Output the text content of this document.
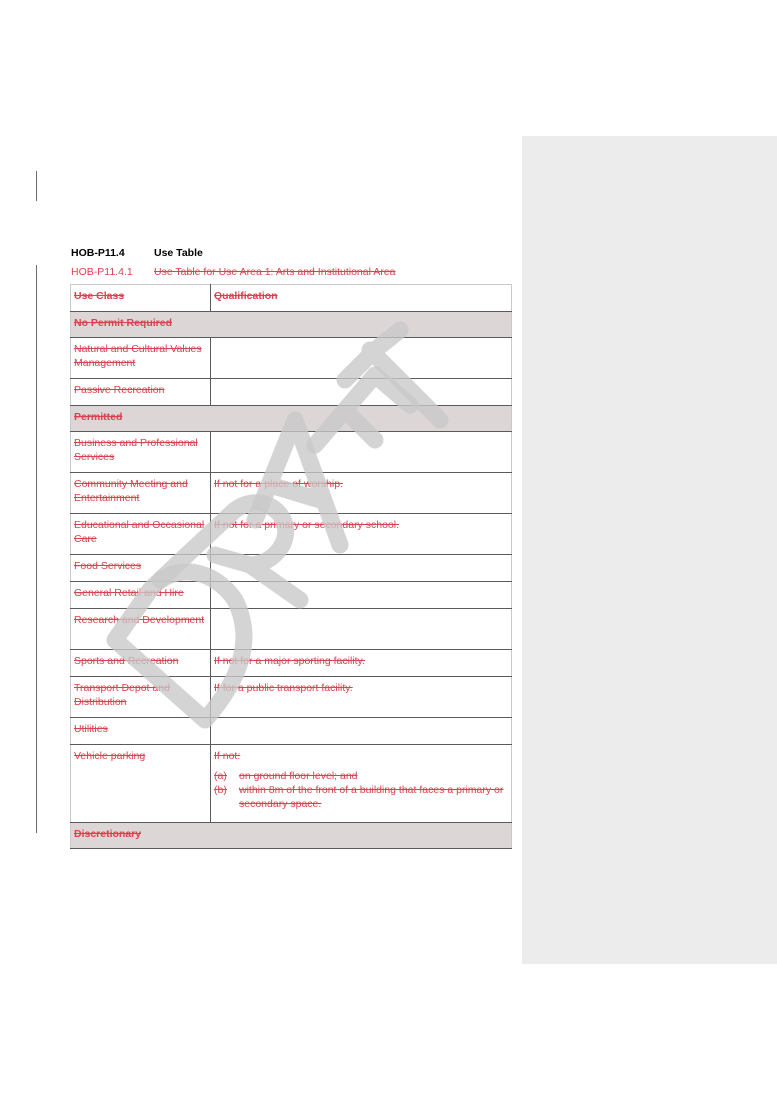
HOB-P11.4	Use Table
HOB-P11.4.1 Use Table for Use Area 1: Arts and Institutional Area
Use Class	Qualification
No Permit Required	
Natural and Cultural Values Management	
Passive Recreation	
Permitted	
Business and Professional Services	
Community Meeting and Entertainment	If not for a place of worship.
Educational and Occasional Care	If not for a primary or secondary school.
Food Services	
General Retail and Hire	
Research and Development	
Sports and Recreation	If not for a major sporting facility.
Transport Depot and Distribution	If for a public transport facility.
Utilities	
Vehicle parking	If not:
(a) on ground floor level; and
(b) within 8m of the front of a building that faces a primary or secondary space.

Discretionary	
